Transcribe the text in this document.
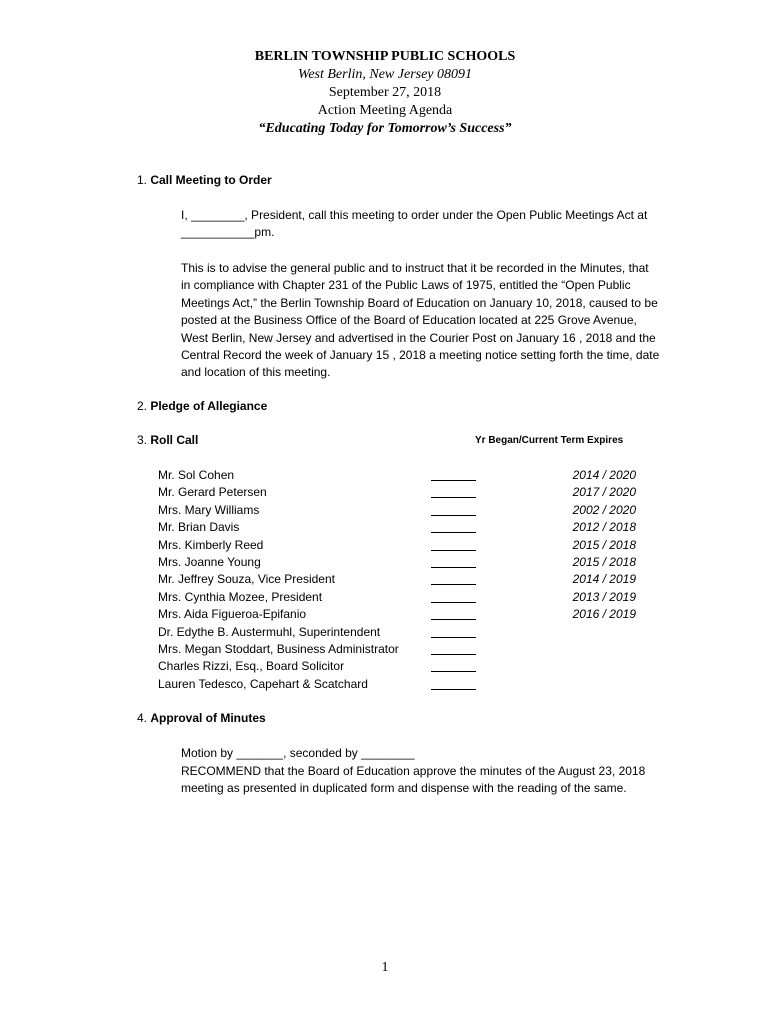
BERLIN TOWNSHIP PUBLIC SCHOOLS
West Berlin, New Jersey 08091
September 27, 2018
Action Meeting Agenda
“Educating Today for Tomorrow’s Success”
1. Call Meeting to Order
I, ________, President, call this meeting to order under the Open Public Meetings Act at ___________pm.
This is to advise the general public and to instruct that it be recorded in the Minutes, that in compliance with Chapter 231 of the Public Laws of 1975, entitled the “Open Public Meetings Act,” the Berlin Township Board of Education on January 10, 2018, caused to be posted at the Business Office of the Board of Education located at 225 Grove Avenue, West Berlin, New Jersey and advertised in the Courier Post on January 16 , 2018 and the Central Record the week of January 15 , 2018 a meeting notice setting forth the time, date and location of this meeting.
2. Pledge of Allegiance
3. Roll Call	Yr Began/Current Term Expires
Mr. Sol Cohen	2014 / 2020
Mr. Gerard Petersen	2017 / 2020
Mrs. Mary Williams	2002 / 2020
Mr. Brian Davis	2012 / 2018
Mrs. Kimberly Reed	2015 / 2018
Mrs. Joanne Young	2015 / 2018
Mr. Jeffrey Souza, Vice President	2014 / 2019
Mrs. Cynthia Mozee, President	2013 / 2019
Mrs. Aida Figueroa-Epifanio	2016 / 2019
Dr. Edythe B. Austermuhl, Superintendent
Mrs. Megan Stoddart, Business Administrator
Charles Rizzi, Esq., Board Solicitor
Lauren Tedesco, Capehart & Scatchard
4. Approval of Minutes
Motion by _______, seconded by ________
RECOMMEND that the Board of Education approve the minutes of the August 23, 2018 meeting as presented in duplicated form and dispense with the reading of the same.
1
